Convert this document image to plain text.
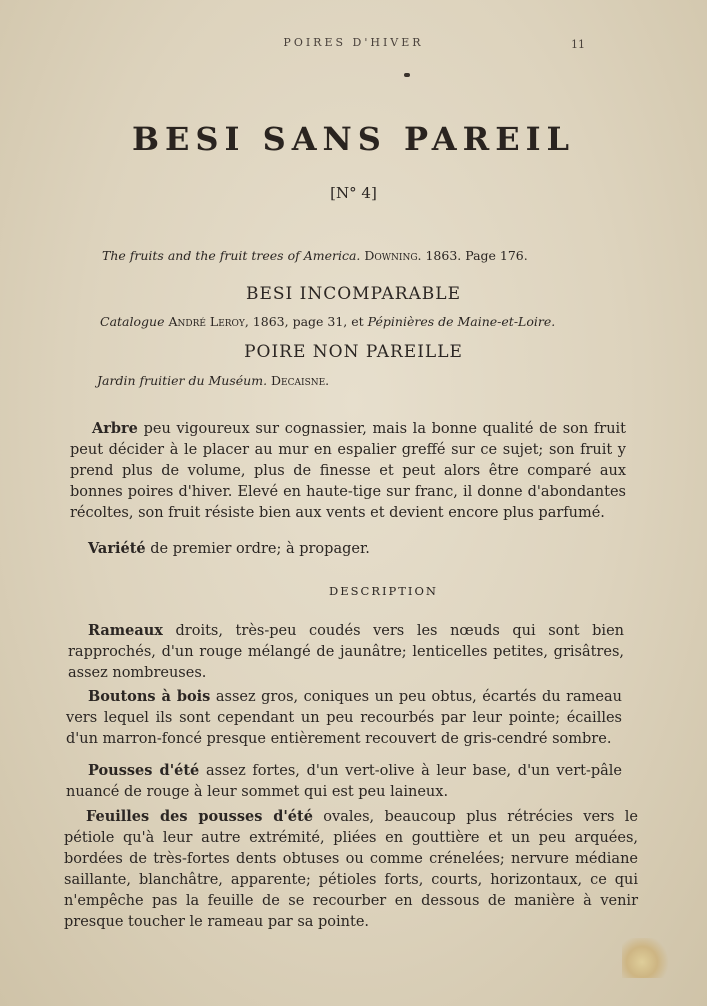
POIRES D'HIVER	11
BESI SANS PAREIL
[N° 4]
The fruits and the fruit trees of America. Downing. 1863. Page 176.
BESI INCOMPARABLE
Catalogue André Leroy, 1863, page 31, et Pépinières de Maine-et-Loire.
POIRE NON PAREILLE
Jardin fruitier du Muséum. Decaisne.
Arbre peu vigoureux sur cognassier, mais la bonne qualité de son fruit peut décider à le placer au mur en espalier greffé sur ce sujet; son fruit y prend plus de volume, plus de finesse et peut alors être comparé aux bonnes poires d'hiver. Elevé en haute-tige sur franc, il donne d'abondantes récoltes, son fruit résiste bien aux vents et devient encore plus parfumé.
Variété de premier ordre; à propager.
DESCRIPTION
Rameaux droits, très-peu coudés vers les nœuds qui sont bien rapprochés, d'un rouge mélangé de jaunâtre; lenticelles petites, grisâtres, assez nombreuses.
Boutons à bois assez gros, coniques un peu obtus, écartés du rameau vers lequel ils sont cependant un peu recourbés par leur pointe; écailles d'un marron-foncé presque entièrement recouvert de gris-cendré sombre.
Pousses d'été assez fortes, d'un vert-olive à leur base, d'un vert-pâle nuancé de rouge à leur sommet qui est peu laineux.
Feuilles des pousses d'été ovales, beaucoup plus rétrécies vers le pétiole qu'à leur autre extrémité, pliées en gouttière et un peu arquées, bordées de très-fortes dents obtuses ou comme crénelées; nervure médiane saillante, blanchâtre, apparente; pétioles forts, courts, horizontaux, ce qui n'empêche pas la feuille de se recourber en dessous de manière à venir presque toucher le rameau par sa pointe.
